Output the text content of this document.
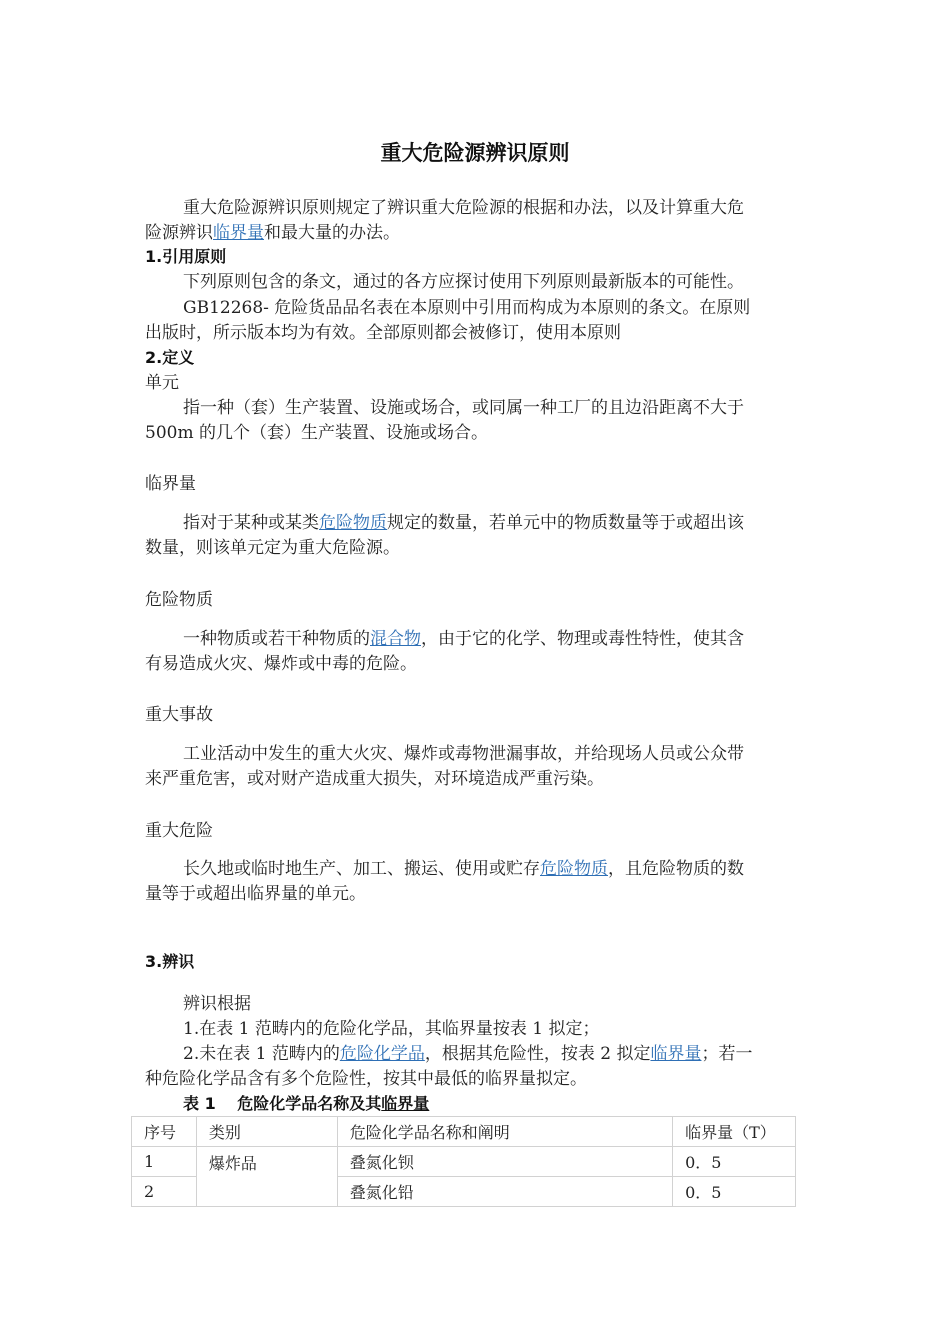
重大危险源辨识原则
重大危险源辨识原则规定了辨识重大危险源的根据和办法，以及计算重大危
险源辨识临界量和最大量的办法。
1.引用原则
下列原则包含的条文，通过的各方应探讨使用下列原则最新版本的可能性。
GB12268- 危险货品品名表在本原则中引用而构成为本原则的条文。在原则
出版时，所示版本均为有效。全部原则都会被修订，使用本原则
2.定义
单元
指一种（套）生产装置、设施或场合，或同属一种工厂的且边沿距离不大于
500m 的几个（套）生产装置、设施或场合。
临界量
指对于某种或某类危险物质规定的数量，若单元中的物质数量等于或超出该
数量，则该单元定为重大危险源。
危险物质
一种物质或若干种物质的混合物，由于它的化学、物理或毒性特性，使其含
有易造成火灾、爆炸或中毒的危险。
重大事故
工业活动中发生的重大火灾、爆炸或毒物泄漏事故，并给现场人员或公众带
来严重危害，或对财产造成重大损失，对环境造成严重污染。
重大危险
长久地或临时地生产、加工、搬运、使用或贮存危险物质，且危险物质的数
量等于或超出临界量的单元。
3.辨识
辨识根据
1.在表 1 范畴内的危险化学品，其临界量按表 1 拟定；
2.未在表 1 范畴内的危险化学品，根据其危险性，按表 2 拟定临界量；若一
种危险化学品含有多个危险性，按其中最低的临界量拟定。
表 1　 危险化学品名称及其临界量
序号	类别	危险化学品名称和阐明	临界量（T）
1	爆炸品	叠氮化钡	0．5
2		叠氮化铅	0．5
